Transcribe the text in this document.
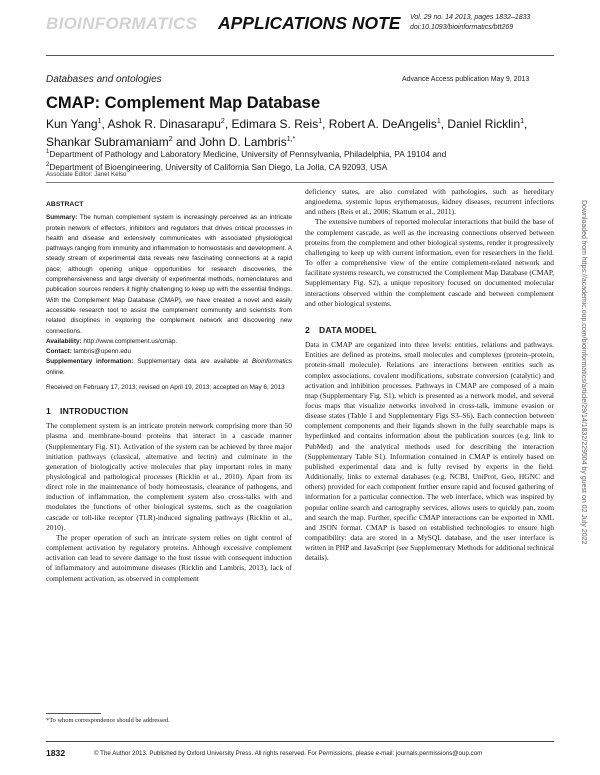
BIOINFORMATICS APPLICATIONS NOTE Vol. 29 no. 14 2013, pages 1832–1833
doi:10.1093/bioinformatics/btt269
Databases and ontologies	Advance Access publication May 9, 2013
CMAP: Complement Map Database
Kun Yang$^1$, Ashok R. Dinasarapu$^2$, Edimara S. Reis$^1$, Robert A. DeAngelis$^1$, Daniel Ricklin$^1$, Shankar Subramaniam$^2$ and John D. Lambris$^{1,*}$
$^1$Department of Pathology and Laboratory Medicine, University of Pennsylvania, Philadelphia, PA 19104 and
$^2$Department of Bioengineering, University of California San Diego, La Jolla, CA 92093, USA
Associate Editor: Janet Kelso
ABSTRACT
Summary: The human complement system is increasingly perceived as an intricate protein network of effectors, inhibitors and regulators that drives critical processes in health and disease and extensively communicates with associated physiological pathways ranging from immunity and inflammation to homeostasis and development. A steady stream of experimental data reveals new fascinating connections at a rapid pace; although opening unique opportunities for research discoveries, the comprehensiveness and large diversity of experimental methods, nomenclatures and publication sources renders it highly challenging to keep up with the essential findings. With the Complement Map Database (CMAP), we have created a novel and easily accessible research tool to assist the complement community and scientists from related disciplines in exploring the complement network and discovering new connections.
Availability: http://www.complement.us/cmap.
Contact: lambris@upenn.edu
Supplementary information: Supplementary data are available at Bioinformatics online.
Received on February 17, 2013; revised on April 19, 2013; accepted on May 6, 2013
1 INTRODUCTION

The complement system is an intricate protein network comprising more than 50 plasma and membrane-bound proteins that interact in a cascade manner (Supplementary Fig. S1). Activation of the system can be achieved by three major initiation pathways (classical, alternative and lectin) and culminate in the generation of biologically active molecules that play important roles in many physiological and pathological processes (Ricklin et al., 2010). Apart from its direct role in the maintenance of body homeostasis, clearance of pathogens, and induction of inflammation, the complement system also cross-talks with and modulates the functions of other biological systems, such as the coagulation cascade or toll-like receptor (TLR)-induced signaling pathways (Ricklin et al., 2010).

The proper operation of such an intricate system relies on tight control of complement activation by regulatory proteins. Although excessive complement activation can lead to severe damage to the host tissue with consequent induction of inflammatory and autoimmune diseases (Ricklin and Lambris, 2013), lack of complement activation, as observed in complement

*To whom correspondence should be addressed.

deficiency states, are also correlated with pathologies, such as hereditary angioedema, systemic lupus erythematosus, kidney diseases, recurrent infections and others (Reis et al., 2006; Skattum et al., 2011).

The extensive numbers of reported molecular interactions that build the base of the complement cascade, as well as the increasing connections observed between proteins from the complement and other biological systems, render it progressively challenging to keep up with current information, even for researchers in the field. To offer a comprehensive view of the entire complement-related network and facilitate systems research, we constructed the Complement Map Database (CMAP, Supplementary Fig. S2), a unique repository focused on documented molecular interactions observed within the complement cascade and between complement and other biological systems.

2 DATA MODEL

Data in CMAP are organized into three levels: entities, relations and pathways. Entities are defined as proteins, small molecules and complexes (protein–protein, protein-small molecule). Relations are interactions between entities such as complex associations, covalent modifications, substrate conversion (catalytic) and activation and inhibition processes. Pathways in CMAP are composed of a main map (Supplementary Fig. S1), which is presented as a network model, and several focus maps that visualize networks involved in cross-talk, immune evasion or disease states (Table 1 and Supplementary Figs S3–S6). Each connection between complement components and their ligands shown in the fully searchable maps is hyperlinked and contains information about the publication sources (e.g. link to PubMed) and the analytical methods used for describing the interaction (Supplementary Table S1). Information contained in CMAP is entirely based on published experimental data and is fully revised by experts in the field. Additionally, links to external databases (e.g. NCBI, UniProt, Geo, HGNC and others) provided for each component further ensure rapid and focused gathering of information for a particular connection. The web interface, which was inspired by popular online search and cartography services, allows users to quickly pan, zoom and search the map. Further, specific CMAP interactions can be exported in XML and JSON format. CMAP is based on established technologies to ensure high compatibility: data are stored in a MySQL database, and the user interface is written in PHP and JavaScript (see Supplementary Methods for additional technical details).

1832	© The Author 2013. Published by Oxford University Press. All rights reserved. For Permissions, please e-mail: journals.permissions@oup.com
Downloaded from https://academic.oup.com/bioinformatics/article/29/14/1832/229504 by guest on 02 July 2022
